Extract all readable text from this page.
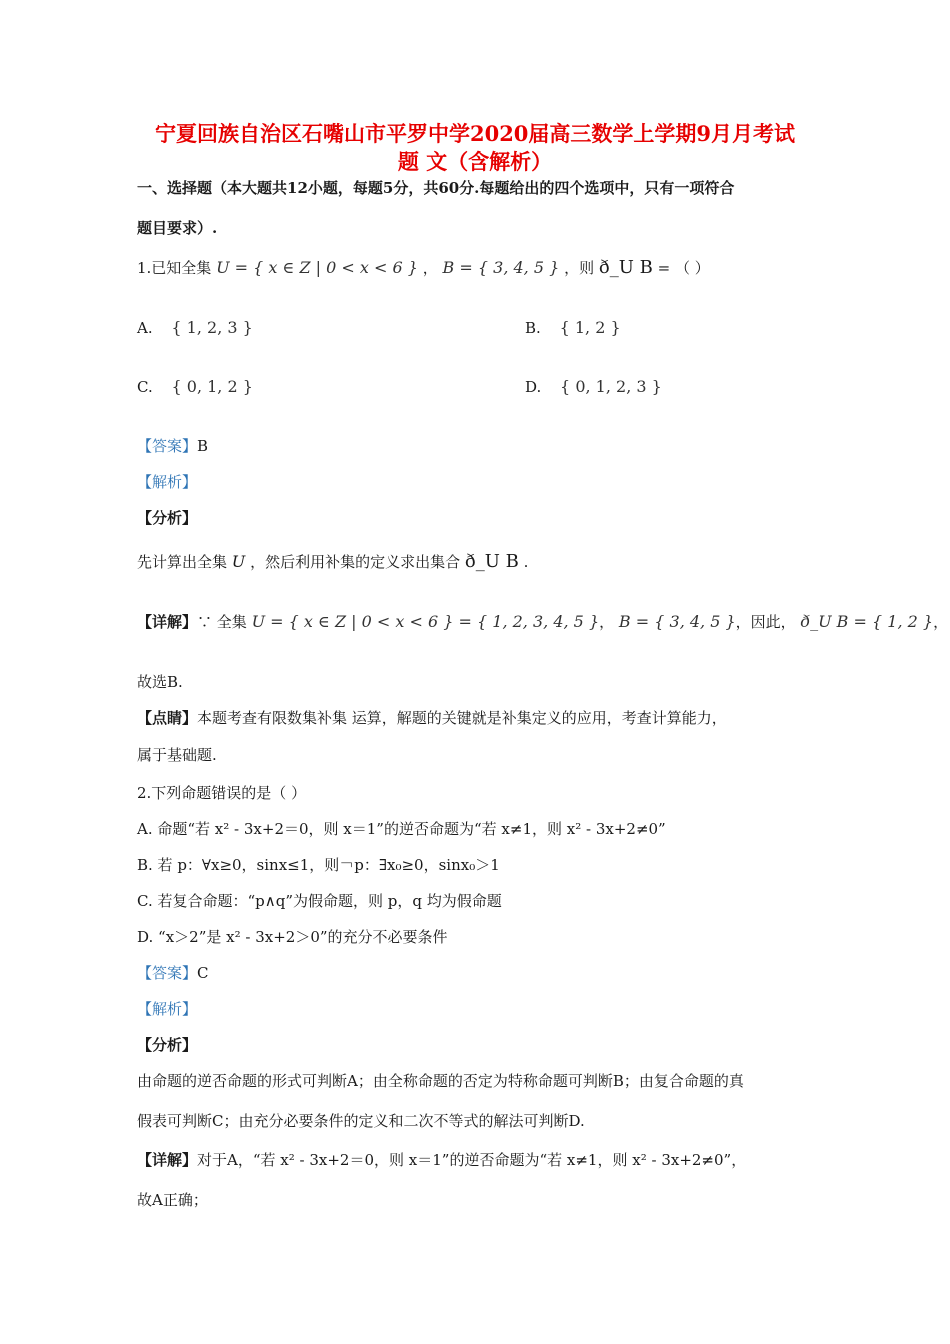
宁夏回族自治区石嘴山市平罗中学2020届高三数学上学期9月月考试
题 文（含解析）
一、选择题（本大题共12小题，每题5分，共60分.每题给出的四个选项中，只有一项符合
题目要求）.
1.已知全集 U = { x ∈ Z | 0 < x < 6 } ， B = { 3, 4, 5 } ，则 ð_U B = （ ）
A. { 1, 2, 3 }	B. { 1, 2 }
C. { 0, 1, 2 }	D. { 0, 1, 2, 3 }
【答案】B
【解析】
【分析】
先计算出全集 U ，然后利用补集的定义求出集合 ð_U B .
【详解】∵ 全集 U = { x ∈ Z | 0 < x < 6 } = { 1, 2, 3, 4, 5 }， B = { 3, 4, 5 }，因此， ð_U B = { 1, 2 }，
故选B.
【点睛】本题考查有限数集补集 运算，解题的关键就是补集定义的应用，考查计算能力，
属于基础题.
2.下列命题错误的是（ ）
A. 命题“若 x² - 3x+2＝0，则 x＝1”的逆否命题为“若 x≠1，则 x² - 3x+2≠0”
B. 若 p：∀x≥0，sinx≤1，则￢p：∃x₀≥0，sinx₀＞1
C. 若复合命题：“p∧q”为假命题，则 p，q 均为假命题
D. “x＞2”是 x² - 3x+2＞0”的充分不必要条件
【答案】C
【解析】
【分析】
由命题的逆否命题的形式可判断A；由全称命题的否定为特称命题可判断B；由复合命题的真
假表可判断C；由充分必要条件的定义和二次不等式的解法可判断D.
【详解】对于A，“若 x² - 3x+2＝0，则 x＝1”的逆否命题为“若 x≠1，则 x² - 3x+2≠0”，
故A正确；
